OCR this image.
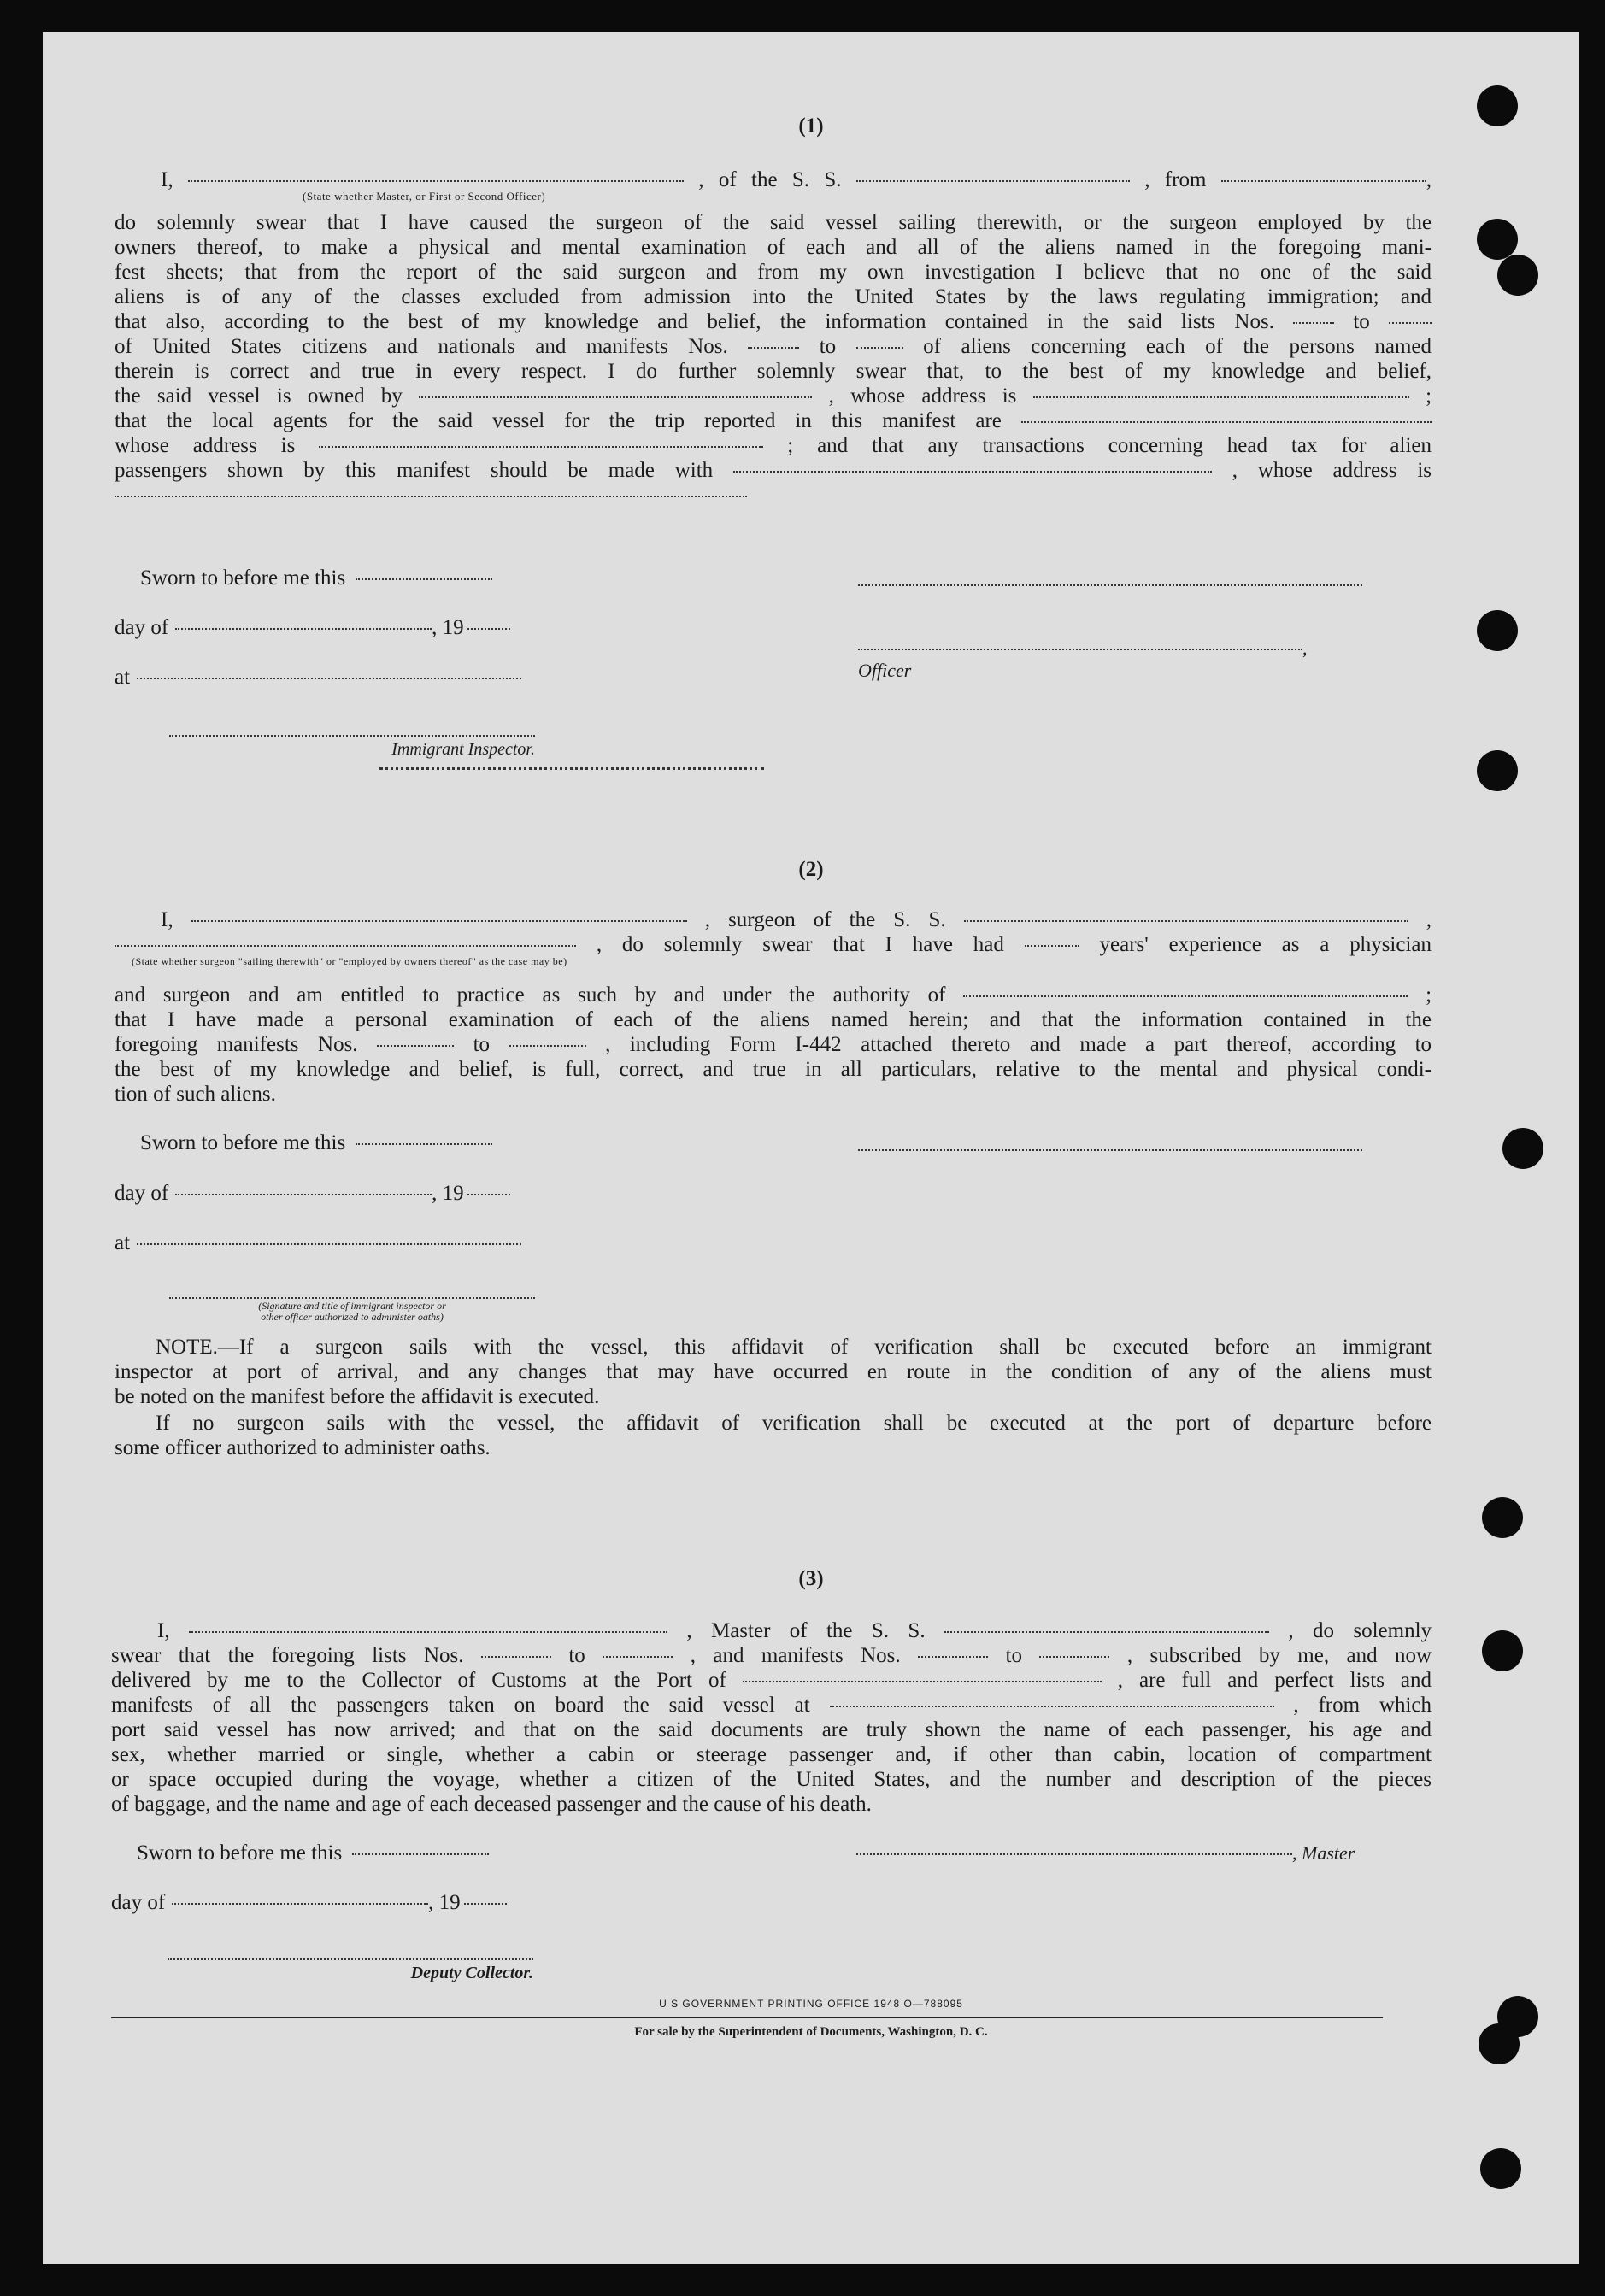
(1)

I,	, of the S. S.	, from	,

(State whether Master, or First or Second Officer)

do solemnly swear that I have caused the surgeon of the said vessel sailing therewith, or the surgeon employed by the

owners thereof, to make a physical and mental examination of each and all of the aliens named in the foregoing mani-

fest sheets; that from the report of the said surgeon and from my own investigation I believe that no one of the said

aliens is of any of the classes excluded from admission into the United States by the laws regulating immigration; and

that also, according to the best of my knowledge and belief, the information contained in the said lists Nos.	to

of United States citizens and nationals and manifests Nos.	to	of aliens concerning each of the persons named

therein is correct and true in every respect. I do further solemnly swear that, to the best of my knowledge and belief,

the said vessel is owned by	, whose address is	;

that the local agents for the said vessel for the trip reported in this manifest are

whose address is	; and that any transactions concerning head tax for alien

passengers shown by this manifest should be made with	, whose address is

Sworn to before me this
day of	, 19
, Officer
at
Immigrant Inspector.
(2)

I,	, surgeon of the S. S.	,

, do solemnly swear that I have had	years' experience as a physician

(State whether surgeon "sailing therewith" or "employed by owners thereof" as the case may be)

and surgeon and am entitled to practice as such by and under the authority of	;

that I have made a personal examination of each of the aliens named herein; and that the information contained in the

foregoing manifests Nos.	to	, including Form I-442 attached thereto and made a part thereof, according to

the best of my knowledge and belief, is full, correct, and true in all particulars, relative to the mental and physical condi-

tion of such aliens.

Sworn to before me this
day of	, 19
at
(Signature and title of immigrant inspector or
other officer authorized to administer oaths)

NOTE.—If a surgeon sails with the vessel, this affidavit of verification shall be executed before an immigrant

inspector at port of arrival, and any changes that may have occurred en route in the condition of any of the aliens must

be noted on the manifest before the affidavit is executed.

If no surgeon sails with the vessel, the affidavit of verification shall be executed at the port of departure before

some officer authorized to administer oaths.

(3)

I,	, Master of the S. S.	, do solemnly

swear that the foregoing lists Nos.	to	, and manifests Nos.	to	, subscribed by me, and now

delivered by me to the Collector of Customs at the Port of	, are full and perfect lists and

manifests of all the passengers taken on board the said vessel at	, from which

port said vessel has now arrived; and that on the said documents are truly shown the name of each passenger, his age and

sex, whether married or single, whether a cabin or steerage passenger and, if other than cabin, location of compartment

or space occupied during the voyage, whether a citizen of the United States, and the number and description of the pieces

of baggage, and the name and age of each deceased passenger and the cause of his death.

Sworn to before me this	, Master
day of	, 19
Deputy Collector.
U S GOVERNMENT PRINTING OFFICE 1948 O—788095
For sale by the Superintendent of Documents, Washington, D. C.
